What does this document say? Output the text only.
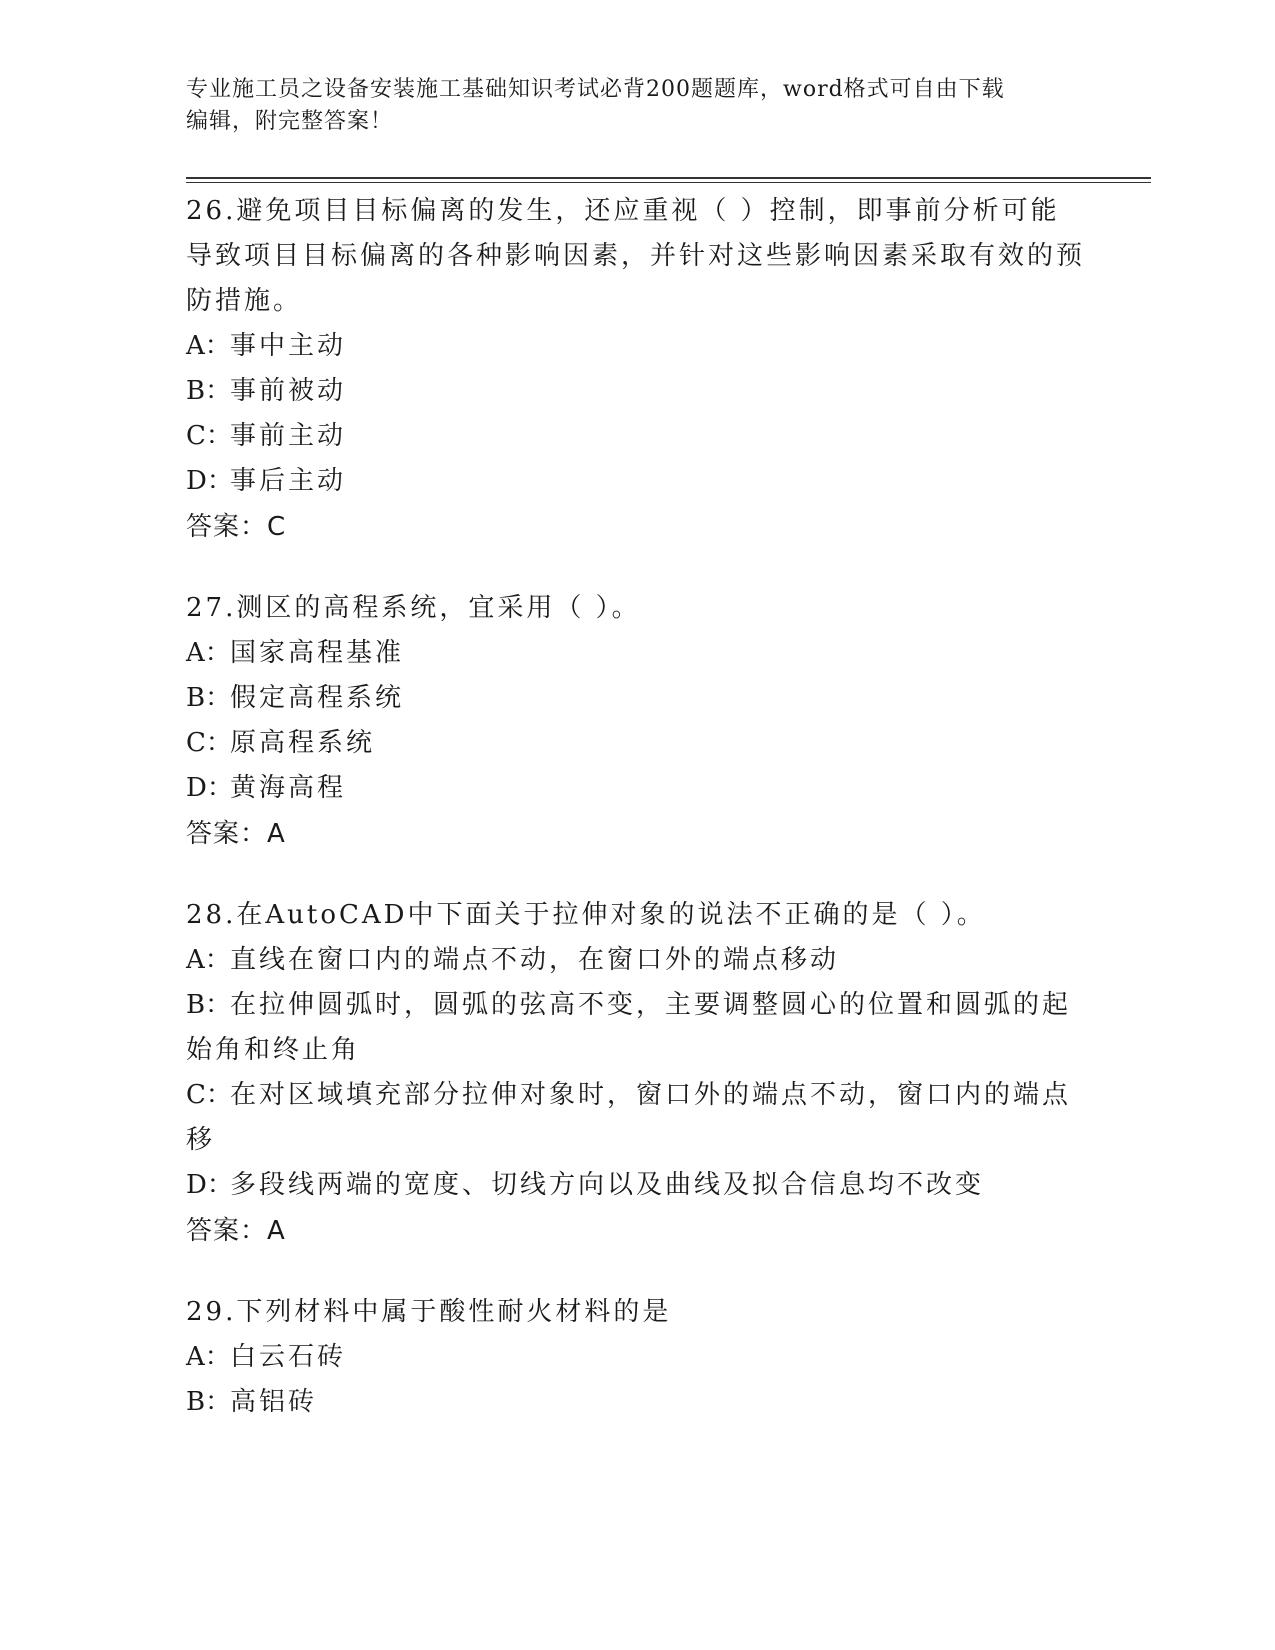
专业施工员之设备安装施工基础知识考试必背200题题库，word格式可自由下载
编辑，附完整答案！
26.避免项目目标偏离的发生，还应重视（ ）控制，即事前分析可能导致项目目标偏离的各种影响因素，并针对这些影响因素采取有效的预防措施。
A： 事中主动
B：
事前被动
C：
事前主动
D：
事后主动
答案：C
27.测区的高程系统，宜采用（ ）。
A： 国家高程基准
B：
假定高程系统
C：
原高程系统
D：
黄海高程
答案：A
28.在AutoCAD中下面关于拉伸对象的说法不正确的是（ ）。
A：直线在窗口内的端点不动，在窗口外的端点移动
B：在拉伸圆弧时，圆弧的弦高不变，主要调整圆心的位置和圆弧的起始角和终止角
C：在对区域填充部分拉伸对象时，窗口外的端点不动，窗口内的端点移
D：多段线两端的宽度、切线方向以及曲线及拟合信息均不改变
答案：A
29.下列材料中属于酸性耐火材料的是
A： 白云石砖
B：
高铝砖
